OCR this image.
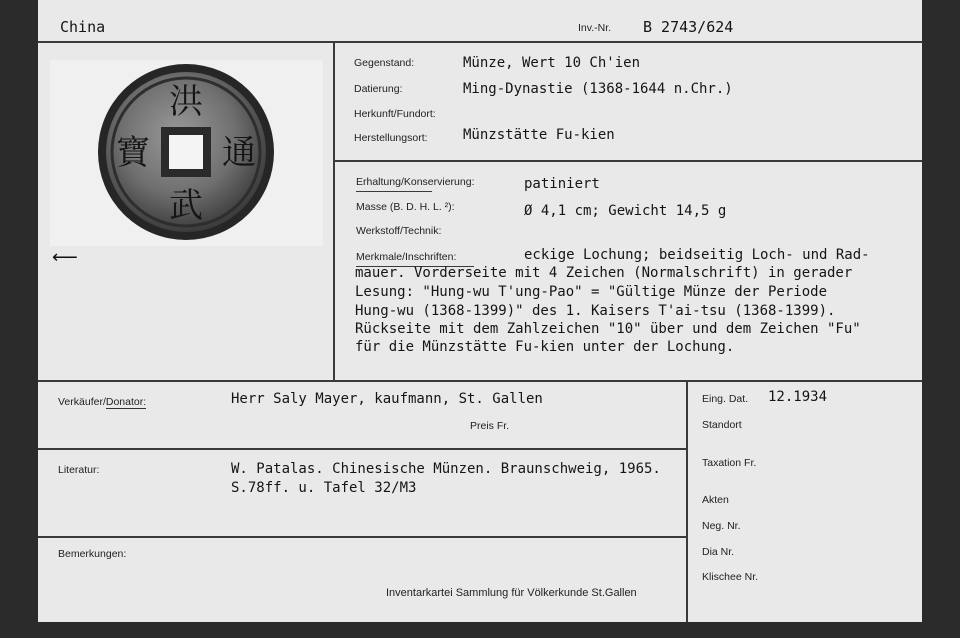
China	Inv.-Nr. B 2743/624
洪
通
武
寶
⟵
Gegenstand:	Münze, Wert 10 Ch'ien
Datierung:	Ming-Dynastie (1368-1644 n.Chr.)
Herkunft/Fundort:
Herstellungsort:	Münzstätte Fu-kien
Erhaltung/Konservierung:	patiniert
Masse (B. D. H. L. ²):	Ø 4,1 cm; Gewicht 14,5 g
Werkstoff/Technik:
Merkmale/Inschriften:	eckige Lochung; beidseitig Loch- und Rad-
mauer. Vorderseite mit 4 Zeichen (Normalschrift) in gerader
Lesung: "Hung-wu T'ung-Pao" = "Gültige Münze der Periode
Hung-wu (1368-1399)" des 1. Kaisers T'ai-tsu (1368-1399).
Rückseite mit dem Zahlzeichen "10" über und dem Zeichen "Fu"
für die Münzstätte Fu-kien unter der Lochung.
Verkäufer/Donator:	Herr Saly Mayer, kaufmann, St. Gallen
Preis Fr.
Literatur:	W. Patalas. Chinesische Münzen. Braunschweig, 1965.
S.78ff. u. Tafel 32/M3
Bemerkungen:
Inventarkartei Sammlung für Völkerkunde St.Gallen
Eing. Dat. 12.1934
Standort
Taxation Fr.
Akten
Neg. Nr.
Dia Nr.
Klischee Nr.
